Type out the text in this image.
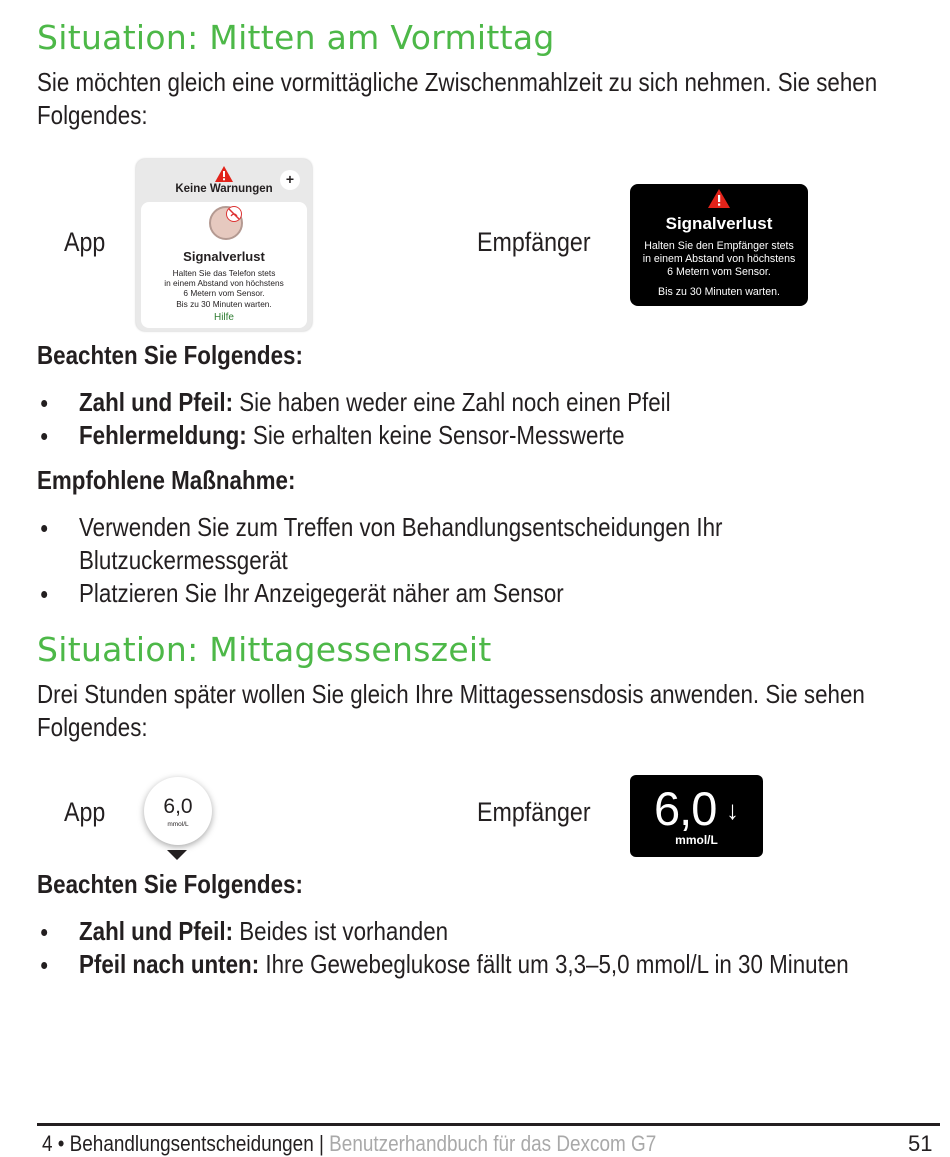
Situation: Mitten am Vormittag
Sie möchten gleich eine vormittägliche Zwischenmahlzeit zu sich nehmen. Sie sehen Folgendes:
App
Keine Warnungen
+
Signalverlust
Halten Sie das Telefon stets
in einem Abstand von höchstens
6 Metern vom Sensor.
Bis zu 30 Minuten warten.
Hilfe
Empfänger
Signalverlust
Halten Sie den Empfänger stets
in einem Abstand von höchstens
6 Metern vom Sensor.
Bis zu 30 Minuten warten.
Beachten Sie Folgendes:
Zahl und Pfeil: Sie haben weder eine Zahl noch einen Pfeil
Fehlermeldung: Sie erhalten keine Sensor-Messwerte
Empfohlene Maßnahme:
Verwenden Sie zum Treffen von Behandlungsentscheidungen Ihr Blutzuckermessgerät
Platzieren Sie Ihr Anzeigegerät näher am Sensor
Situation: Mittagessenszeit
Drei Stunden später wollen Sie gleich Ihre Mittagessensdosis anwenden. Sie sehen Folgendes:
App	6,0
mmol/L	Empfänger 6,0 ↓
mmol/L
Beachten Sie Folgendes:
Zahl und Pfeil: Beides ist vorhanden
Pfeil nach unten: Ihre Gewebeglukose fällt um 3,3–5,0 mmol/L in 30 Minuten
4 • Behandlungsentscheidungen | Benutzerhandbuch für das Dexcom G7	51
